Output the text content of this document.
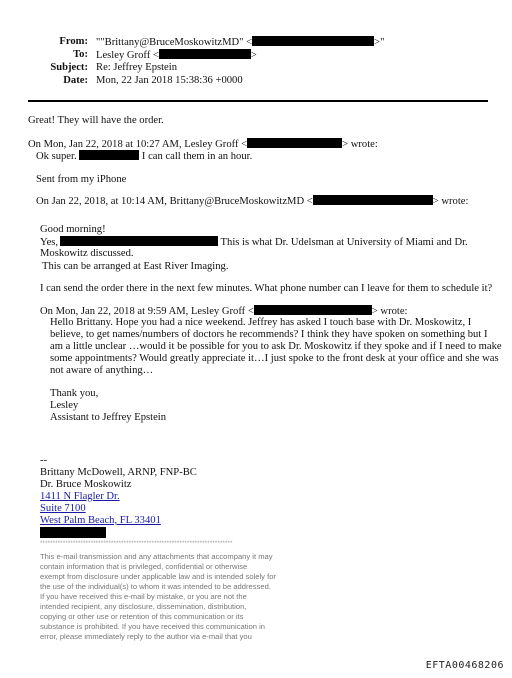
From: ""Brittany@BruceMoskowitzMD" <	>"
To: Lesley Groff <	>
Subject: Re: Jeffrey Epstein
Date: Mon, 22 Jan 2018 15:38:36 +0000
Great! They will have the order.
On Mon, Jan 22, 2018 at 10:27 AM, Lesley Groff <	> wrote:
Ok super.	I can call them in an hour.
Sent from my iPhone
On Jan 22, 2018, at 10:14 AM, Brittany@BruceMoskowitzMD <	> wrote:
Good morning!
Yes,	This is what Dr. Udelsman at University of Miami and Dr.
Moskowitz discussed.
This can be arranged at East River Imaging.
I can send the order there in the next few minutes. What phone number can I leave for them to schedule it?
On Mon, Jan 22, 2018 at 9:59 AM, Lesley Groff <	> wrote:
Hello Brittany. Hope you had a nice weekend. Jeffrey has asked I touch base with Dr. Moskowitz, I
believe, to get names/numbers of doctors he recommends? I think they have spoken on something but I
am a little unclear …would it be possible for you to ask Dr. Moskowitz if they spoke and if I need to make
some appointments? Would greatly appreciate it…I just spoke to the front desk at your office and she was
not aware of anything…
Thank you,
Lesley
Assistant to Jeffrey Epstein
--
Brittany McDowell, ARNP, FNP-BC
Dr. Bruce Moskowitz
1411 N Flagler Dr.
Suite 7100
West Palm Beach, FL 33401
****************************************************************************
This e-mail transmission and any attachments that accompany it may
contain information that is privileged, confidential or otherwise
exempt from disclosure under applicable law and is intended solely for
the use of the individual(s) to whom it was intended to be addressed.
If you have received this e-mail by mistake, or you are not the
intended recipient, any disclosure, dissemination, distribution,
copying or other use or retention of this communication or its
substance is prohibited. If you have received this communication in
error, please immediately reply to the author via e-mail that you
EFTA00468206
